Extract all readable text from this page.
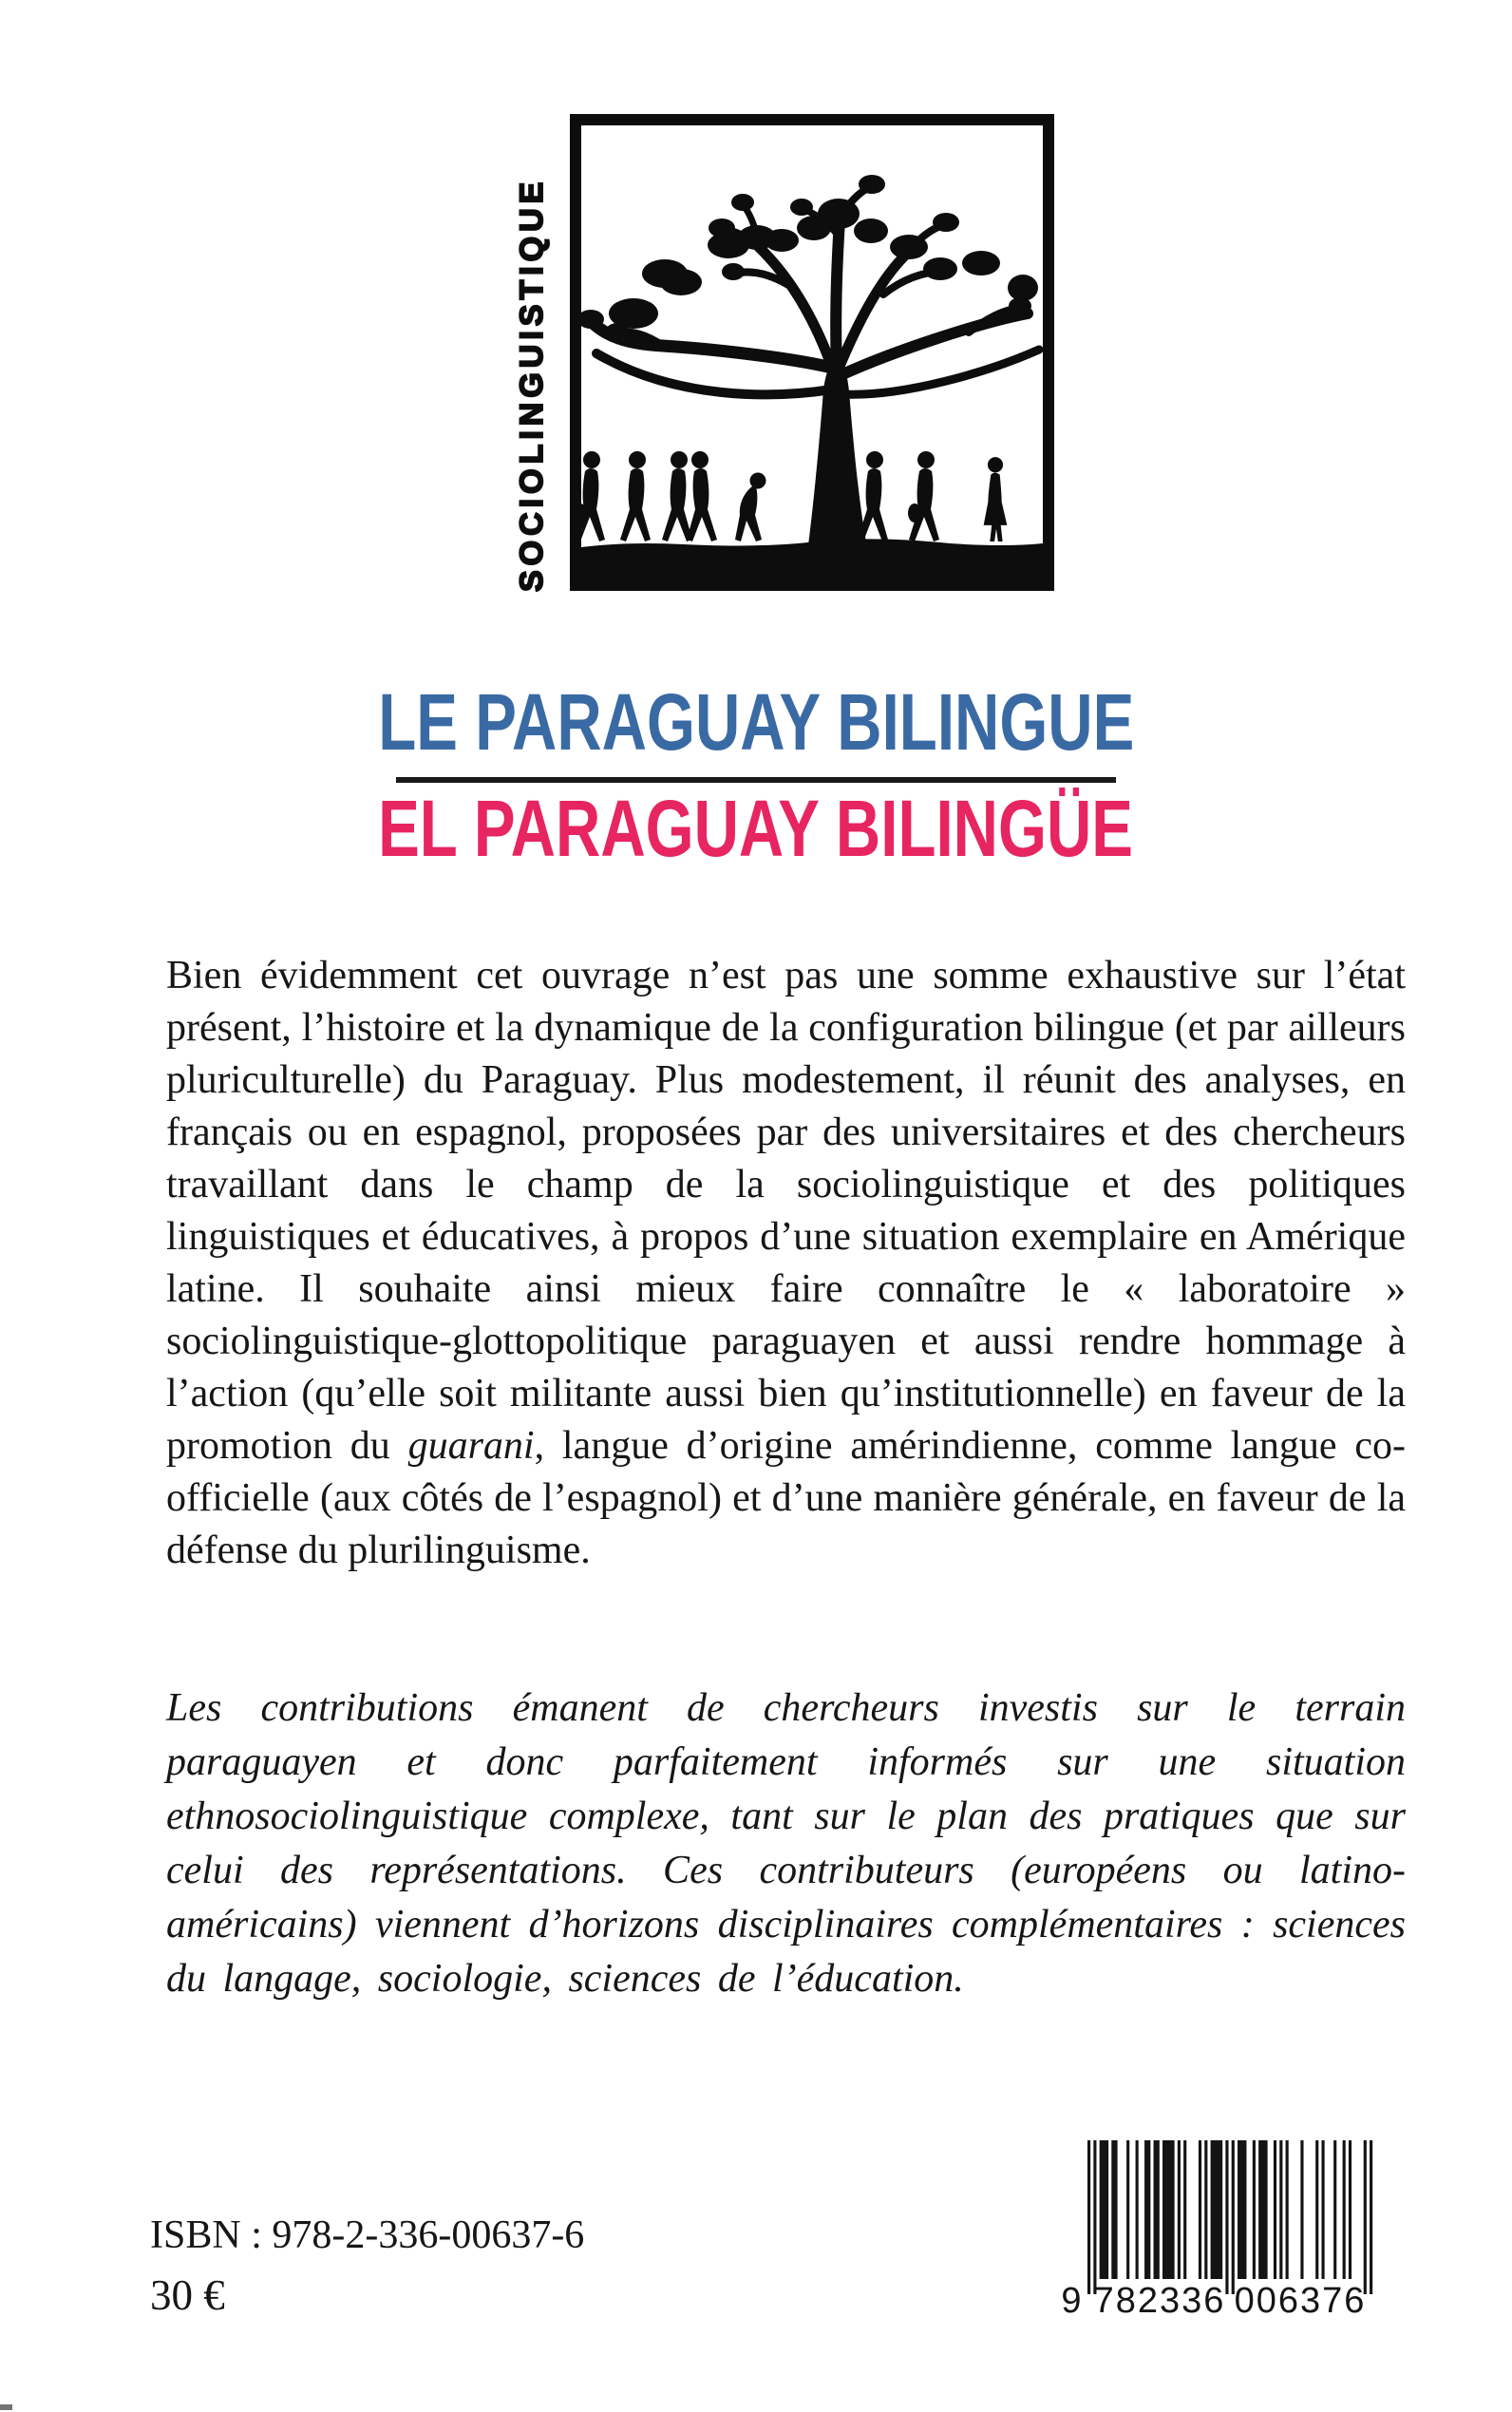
SOCIOLINGUISTIQUE
LE PARAGUAY BILINGUE
EL PARAGUAY BILINGÜE

Bien évidemment cet ouvrage n’est pas une somme exhaustive sur l’état présent, l’histoire et la dynamique de la configuration bilingue (et par ailleurs pluriculturelle) du Paraguay. Plus modestement, il réunit des analyses, en français ou en espagnol, proposées par des universitaires et des chercheurs travaillant dans le champ de la sociolinguistique et des politiques linguistiques et éducatives, à propos d’une situation exemplaire en Amérique latine. Il souhaite ainsi mieux faire connaître le « laboratoire » sociolinguistique-glottopolitique paraguayen et aussi rendre hommage à l’action (qu’elle soit militante aussi bien qu’institutionnelle) en faveur de la promotion du guarani, langue d’origine amérindienne, comme langue co-officielle (aux côtés de l’espagnol) et d’une manière générale, en faveur de la défense du plurilinguisme.

Les contributions émanent de chercheurs investis sur le terrain paraguayen et donc parfaitement informés sur une situation ethnosociolinguistique complexe, tant sur le plan des pratiques que sur celui des représentations. Ces contributeurs (européens ou latino-américains) viennent d’horizons disciplinaires complémentaires : sciences du langage, sociologie, sciences de l’éducation.

ISBN : 978-2-336-00637-6
30 €	9 782336 006376
